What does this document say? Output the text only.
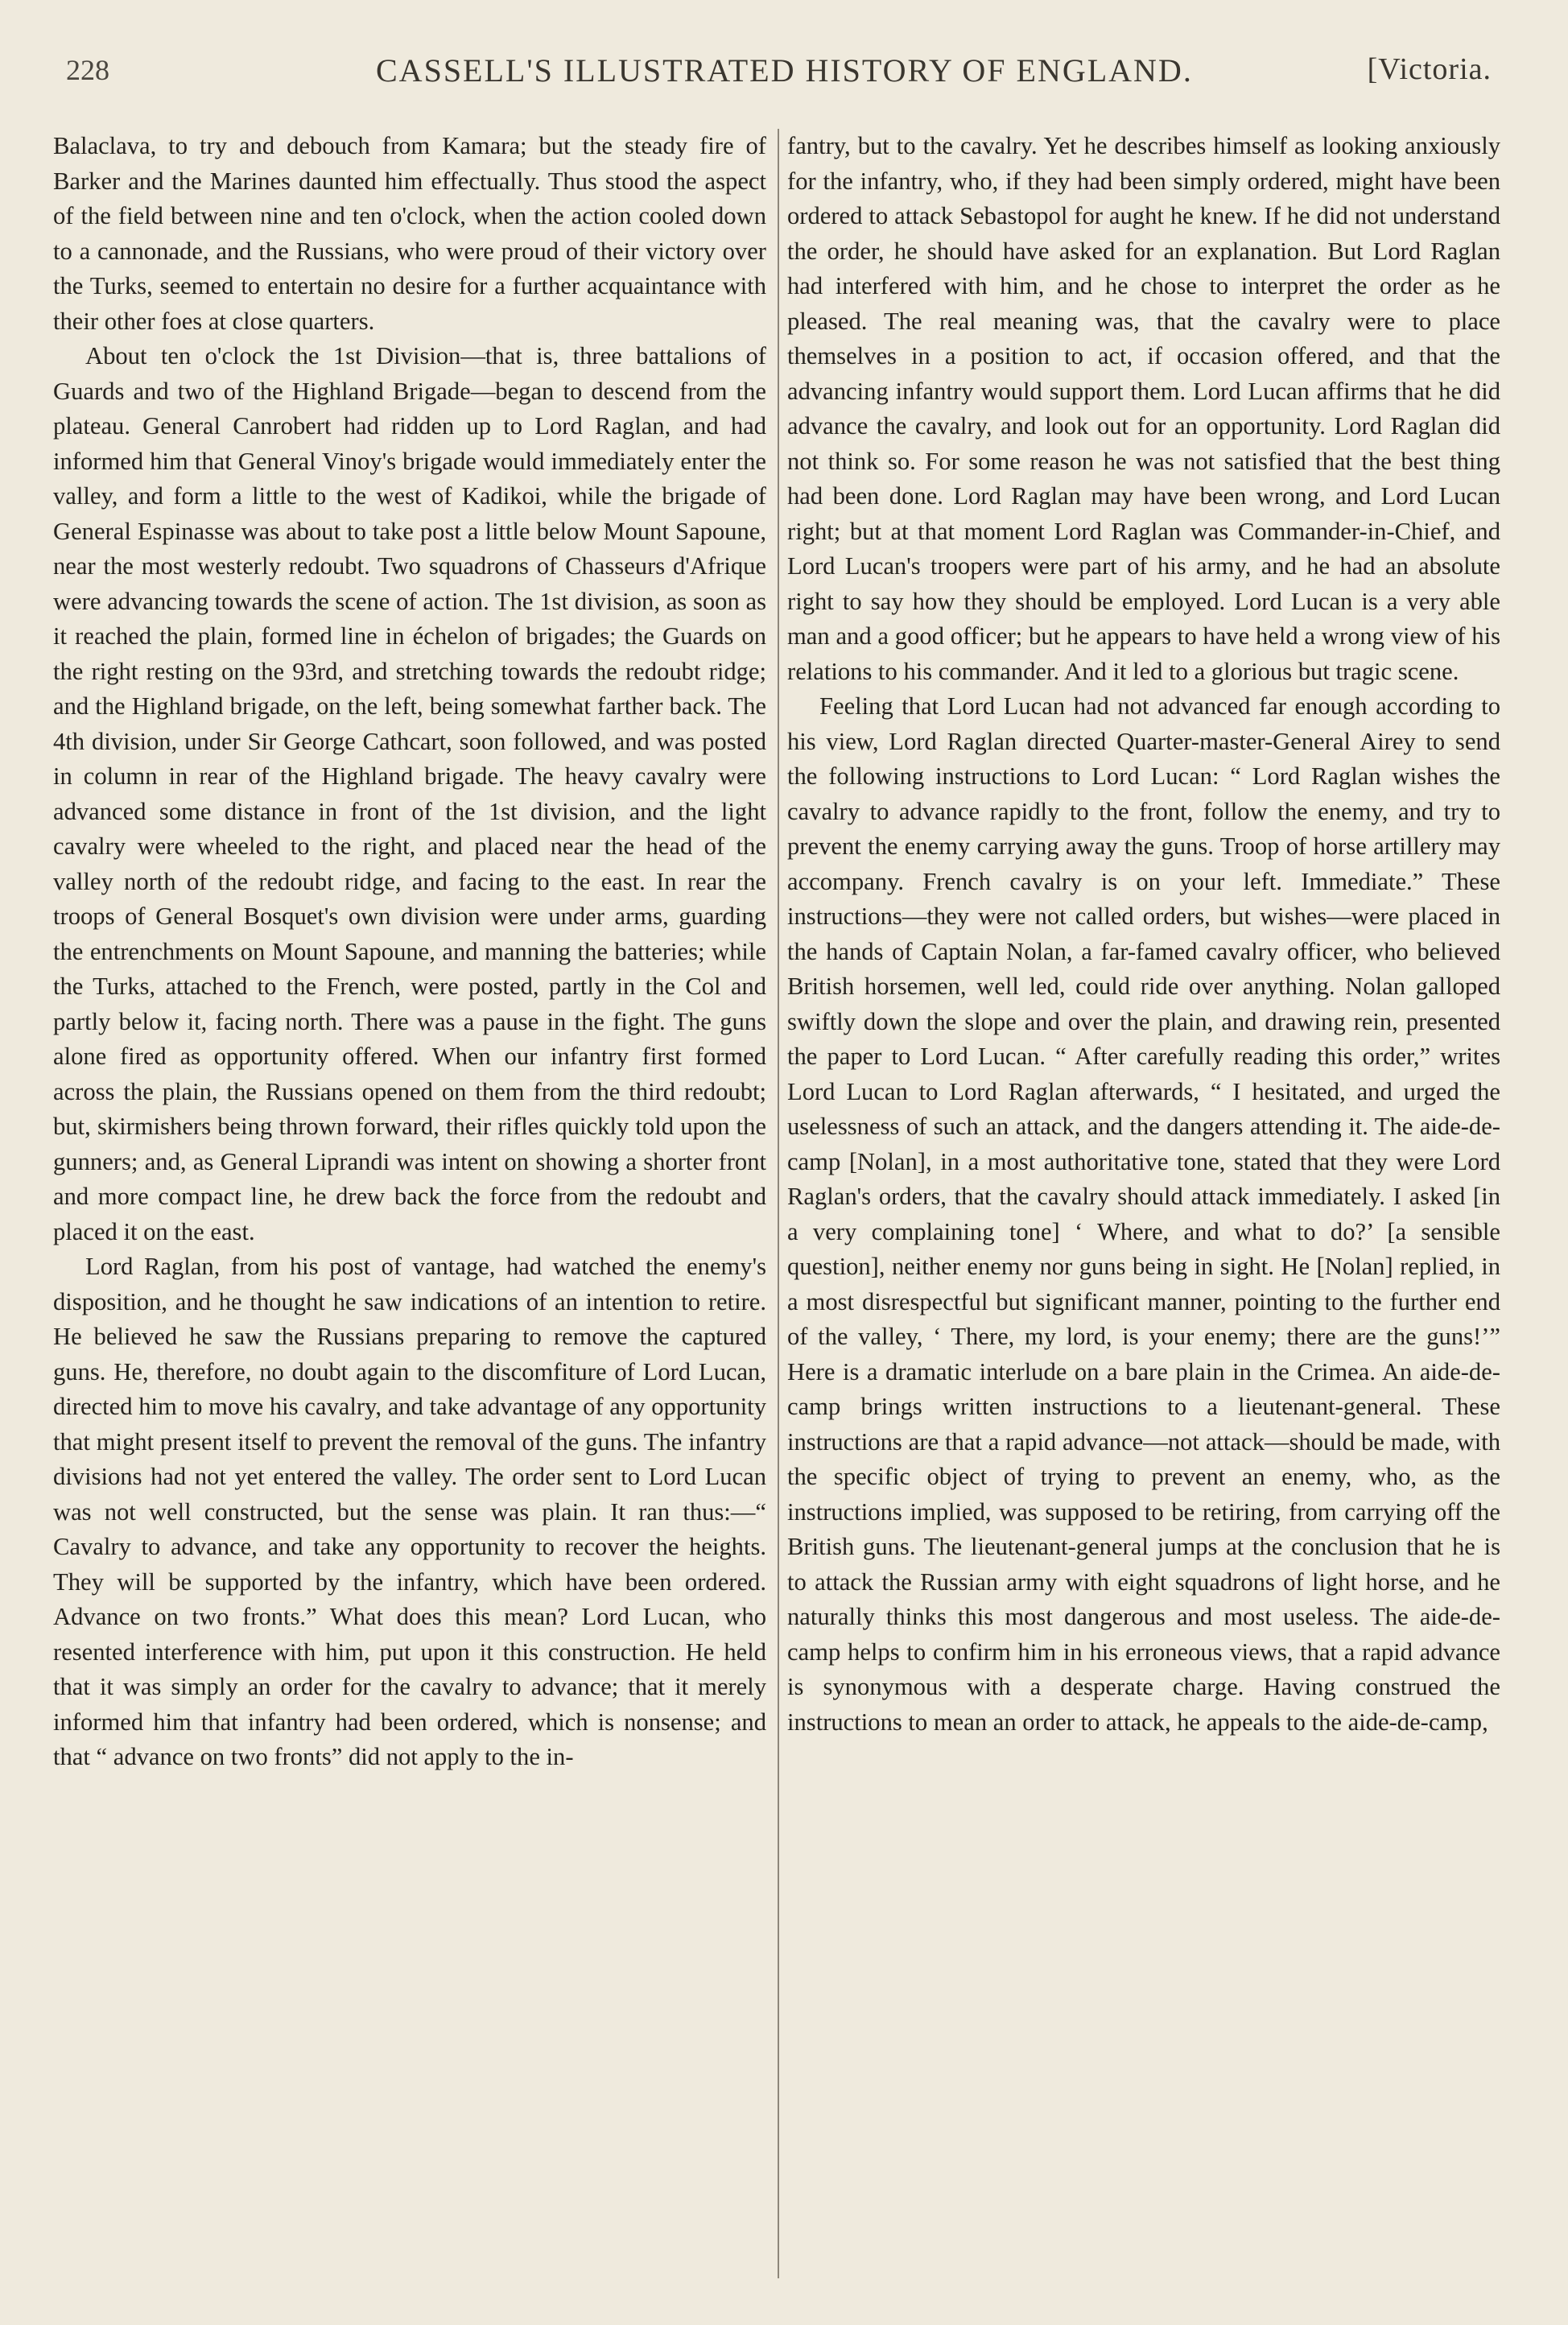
228	CASSELL'S ILLUSTRATED HISTORY OF ENGLAND.	[Victoria.

Balaclava, to try and debouch from Kamara; but the steady fire of Barker and the Marines daunted him effectually. Thus stood the aspect of the field between nine and ten o'clock, when the action cooled down to a cannonade, and the Russians, who were proud of their victory over the Turks, seemed to entertain no desire for a further acquaintance with their other foes at close quarters.

About ten o'clock the 1st Division—that is, three battalions of Guards and two of the Highland Brigade—began to descend from the plateau. General Canrobert had ridden up to Lord Raglan, and had informed him that General Vinoy's brigade would immediately enter the valley, and form a little to the west of Kadikoi, while the brigade of General Espinasse was about to take post a little below Mount Sapoune, near the most westerly redoubt. Two squadrons of Chasseurs d'Afrique were advancing towards the scene of action. The 1st division, as soon as it reached the plain, formed line in échelon of brigades; the Guards on the right resting on the 93rd, and stretching towards the redoubt ridge; and the Highland brigade, on the left, being somewhat farther back. The 4th division, under Sir George Cathcart, soon followed, and was posted in column in rear of the Highland brigade. The heavy cavalry were advanced some distance in front of the 1st division, and the light cavalry were wheeled to the right, and placed near the head of the valley north of the redoubt ridge, and facing to the east. In rear the troops of General Bosquet's own division were under arms, guarding the entrenchments on Mount Sapoune, and manning the batteries; while the Turks, attached to the French, were posted, partly in the Col and partly below it, facing north. There was a pause in the fight. The guns alone fired as opportunity offered. When our infantry first formed across the plain, the Russians opened on them from the third redoubt; but, skirmishers being thrown forward, their rifles quickly told upon the gunners; and, as General Liprandi was intent on showing a shorter front and more compact line, he drew back the force from the redoubt and placed it on the east.

Lord Raglan, from his post of vantage, had watched the enemy's disposition, and he thought he saw indications of an intention to retire. He believed he saw the Russians preparing to remove the captured guns. He, therefore, no doubt again to the discomfiture of Lord Lucan, directed him to move his cavalry, and take advantage of any opportunity that might present itself to prevent the removal of the guns. The infantry divisions had not yet entered the valley. The order sent to Lord Lucan was not well constructed, but the sense was plain. It ran thus:—“ Cavalry to advance, and take any opportunity to recover the heights. They will be supported by the infantry, which have been ordered. Advance on two fronts.” What does this mean? Lord Lucan, who resented interference with him, put upon it this construction. He held that it was simply an order for the cavalry to advance; that it merely informed him that infantry had been ordered, which is nonsense; and that “ advance on two fronts” did not apply to the in-

fantry, but to the cavalry. Yet he describes himself as looking anxiously for the infantry, who, if they had been simply ordered, might have been ordered to attack Sebastopol for aught he knew. If he did not understand the order, he should have asked for an explanation. But Lord Raglan had interfered with him, and he chose to interpret the order as he pleased. The real meaning was, that the cavalry were to place themselves in a position to act, if occasion offered, and that the advancing infantry would support them. Lord Lucan affirms that he did advance the cavalry, and look out for an opportunity. Lord Raglan did not think so. For some reason he was not satisfied that the best thing had been done. Lord Raglan may have been wrong, and Lord Lucan right; but at that moment Lord Raglan was Commander-in-Chief, and Lord Lucan's troopers were part of his army, and he had an absolute right to say how they should be employed. Lord Lucan is a very able man and a good officer; but he appears to have held a wrong view of his relations to his commander. And it led to a glorious but tragic scene.

Feeling that Lord Lucan had not advanced far enough according to his view, Lord Raglan directed Quarter-master-General Airey to send the following instructions to Lord Lucan: “ Lord Raglan wishes the cavalry to advance rapidly to the front, follow the enemy, and try to prevent the enemy carrying away the guns. Troop of horse artillery may accompany. French cavalry is on your left. Immediate.” These instructions—they were not called orders, but wishes—were placed in the hands of Captain Nolan, a far-famed cavalry officer, who believed British horsemen, well led, could ride over anything. Nolan galloped swiftly down the slope and over the plain, and drawing rein, presented the paper to Lord Lucan. “ After carefully reading this order,” writes Lord Lucan to Lord Raglan afterwards, “ I hesitated, and urged the uselessness of such an attack, and the dangers attending it. The aide-de-camp [Nolan], in a most authoritative tone, stated that they were Lord Raglan's orders, that the cavalry should attack immediately. I asked [in a very complaining tone] ‘ Where, and what to do?’ [a sensible question], neither enemy nor guns being in sight. He [Nolan] replied, in a most disrespectful but significant manner, pointing to the further end of the valley, ‘ There, my lord, is your enemy; there are the guns!’” Here is a dramatic interlude on a bare plain in the Crimea. An aide-de-camp brings written instructions to a lieutenant-general. These instructions are that a rapid advance—not attack—should be made, with the specific object of trying to prevent an enemy, who, as the instructions implied, was supposed to be retiring, from carrying off the British guns. The lieutenant-general jumps at the conclusion that he is to attack the Russian army with eight squadrons of light horse, and he naturally thinks this most dangerous and most useless. The aide-de-camp helps to confirm him in his erroneous views, that a rapid advance is synonymous with a desperate charge. Having construed the instructions to mean an order to attack, he appeals to the aide-de-camp,
